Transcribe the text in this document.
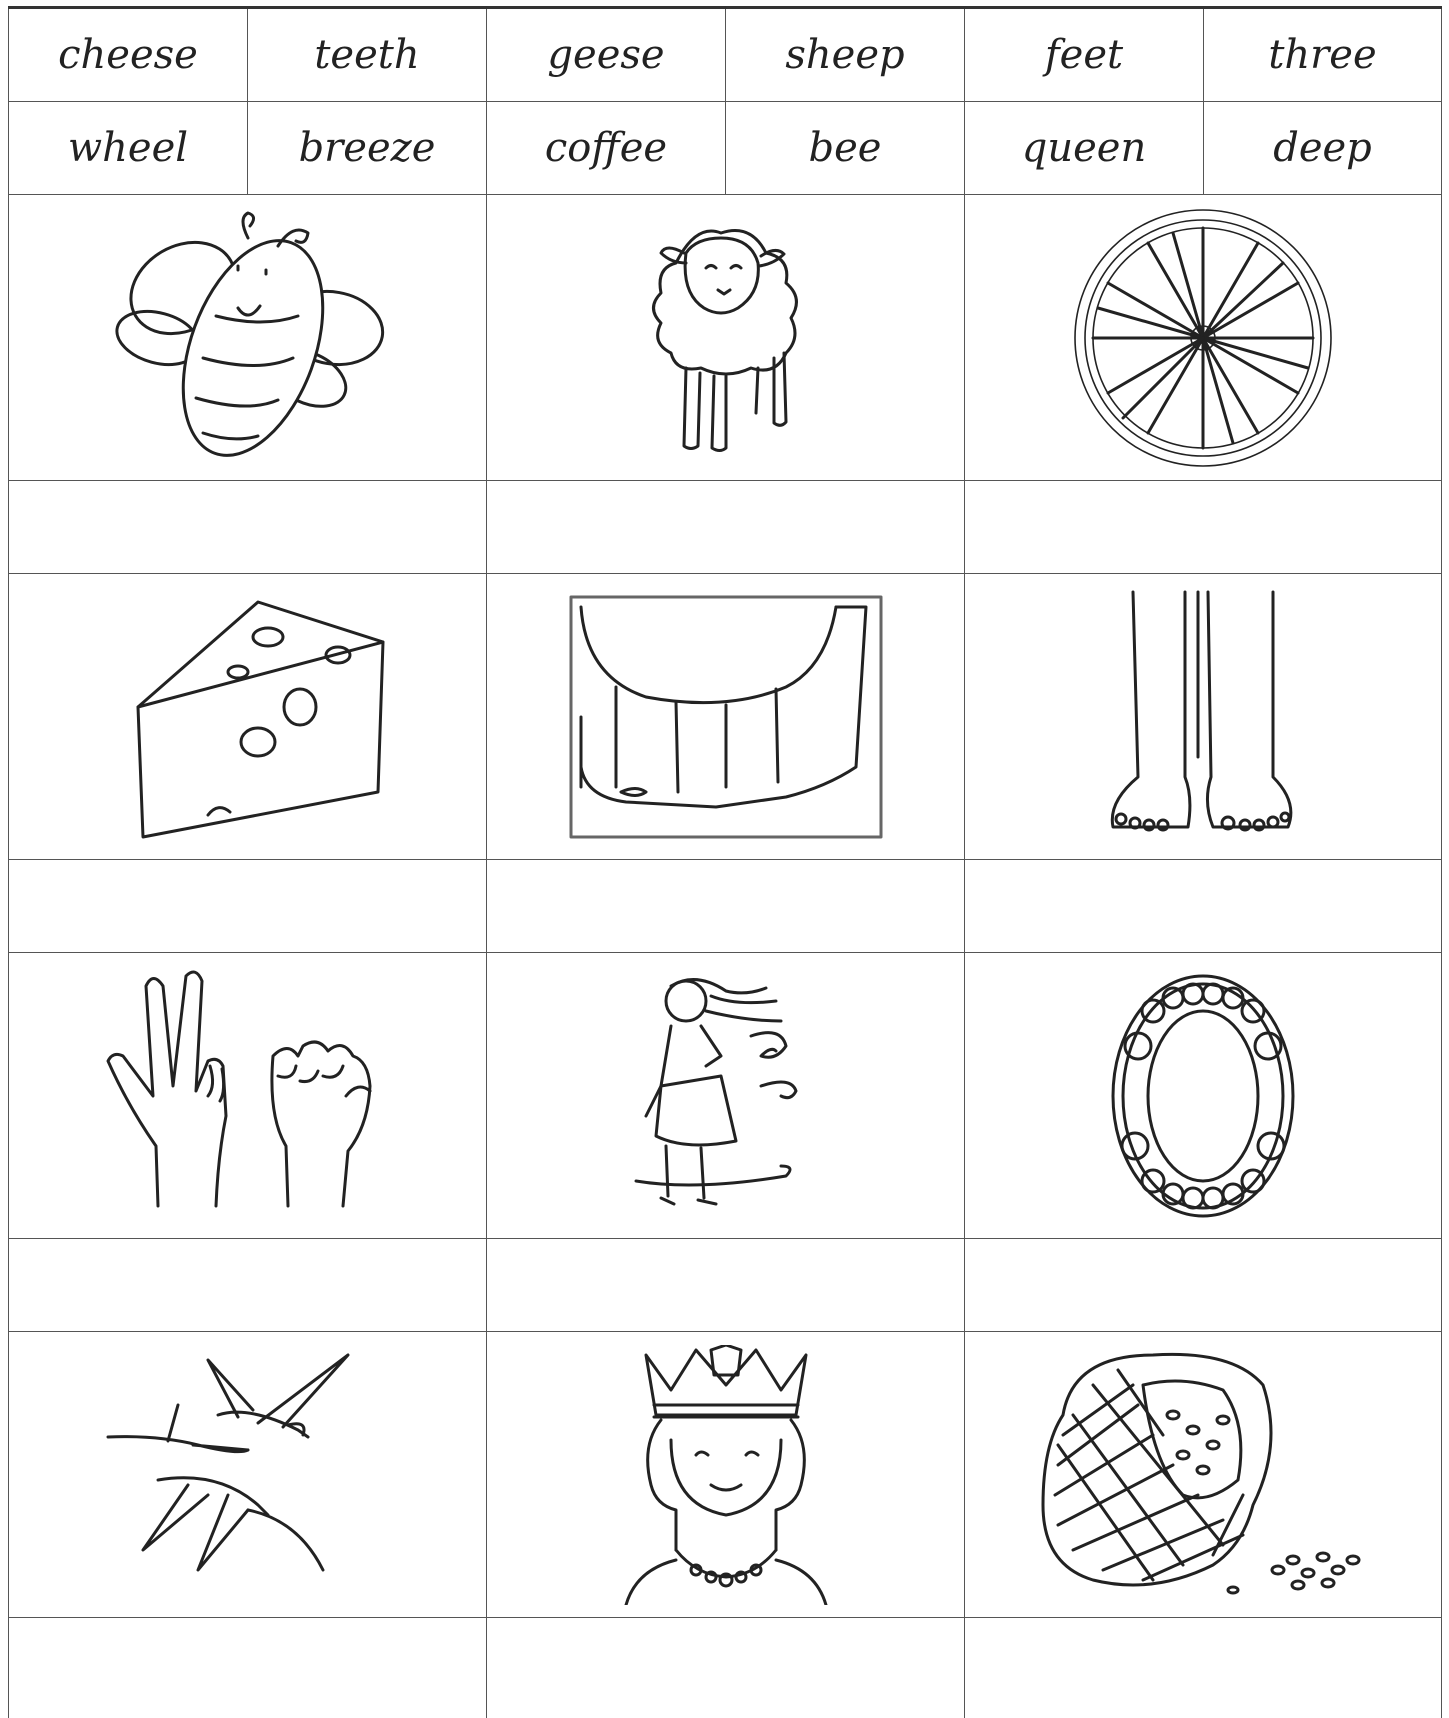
cheese	teeth	geese	sheep	feet	three
wheel	breeze	coffee	bee	queen	deep
